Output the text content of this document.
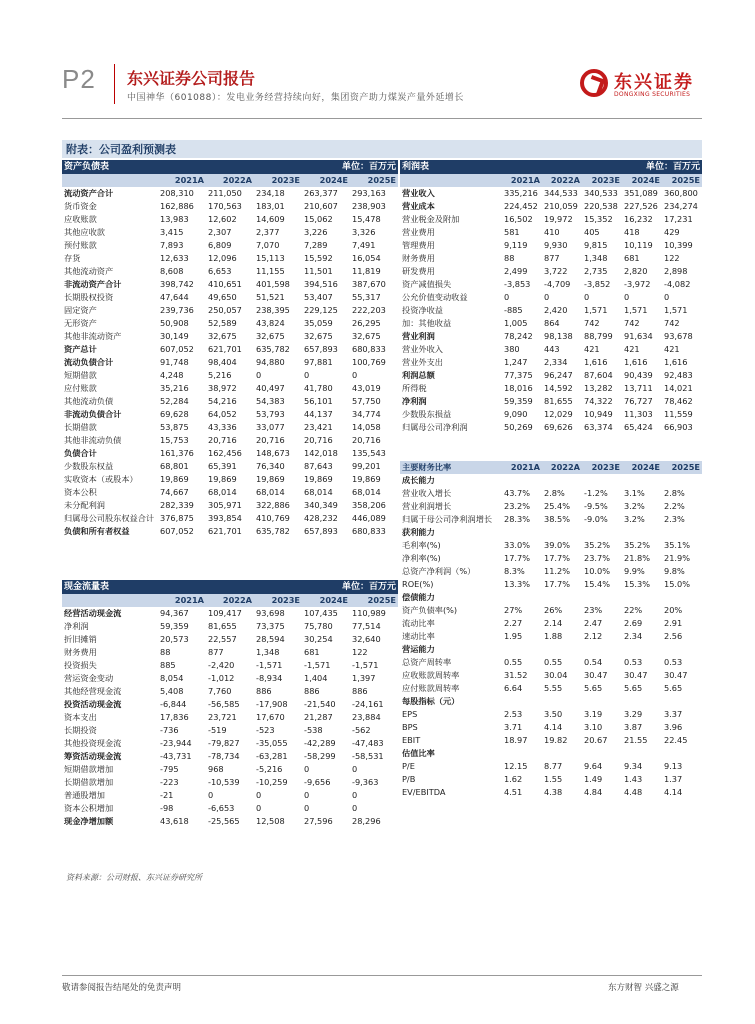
P2 东兴证券公司报告
中国神华（601088）：发电业务经营持续向好，集团资产助力煤炭产量外延增长
东兴证券
DONGXING SECURITIES
附表：公司盈利预测表
资产负债表				单位：百万元	
	2021A	2022A	2023E	2024E	2025E
流动资产合计	208,310	211,050	234,18	263,377	293,163
货币资金	162,886	170,563	183,01	210,607	238,903
应收账款	13,983	12,602	14,609	15,062	15,478
其他应收款	3,415	2,307	2,377	3,226	3,326
预付账款	7,893	6,809	7,070	7,289	7,491
存货	12,633	12,096	15,113	15,592	16,054
其他流动资产	8,608	6,653	11,155	11,501	11,819
非流动资产合计	398,742	410,651	401,598	394,516	387,670
长期股权投资	47,644	49,650	51,521	53,407	55,317
固定资产	239,736	250,057	238,395	229,125	222,203
无形资产	50,908	52,589	43,824	35,059	26,295
其他非流动资产	30,149	32,675	32,675	32,675	32,675
资产总计	607,052	621,701	635,782	657,893	680,833
流动负债合计	91,748	98,404	94,880	97,881	100,769
短期借款	4,248	5,216	0	0	0
应付账款	35,216	38,972	40,497	41,780	43,019
其他流动负债	52,284	54,216	54,383	56,101	57,750
非流动负债合计	69,628	64,052	53,793	44,137	34,774
长期借款	53,875	43,336	33,077	23,421	14,058
其他非流动负债	15,753	20,716	20,716	20,716	20,716
负债合计	161,376	162,456	148,673	142,018	135,543
少数股东权益	68,801	65,391	76,340	87,643	99,201
实收资本（或股本）	19,869	19,869	19,869	19,869	19,869
资本公积	74,667	68,014	68,014	68,014	68,014
未分配利润	282,339	305,971	322,886	340,349	358,206
归属母公司股东权益合计	376,875	393,854	410,769	428,232	446,089
负债和所有者权益	607,052	621,701	635,782	657,893	680,833
利润表				单位：百万元	
	2021A	2022A	2023E	2024E	2025E
营业收入	335,216	344,533	340,533	351,089	360,800
营业成本	224,452	210,059	220,538	227,526	234,274
营业税金及附加	16,502	19,972	15,352	16,232	17,231
营业费用	581	410	405	418	429
管理费用	9,119	9,930	9,815	10,119	10,399
财务费用	88	877	1,348	681	122
研发费用	2,499	3,722	2,735	2,820	2,898
资产减值损失	-3,853	-4,709	-3,852	-3,972	-4,082
公允价值变动收益	0	0	0	0	0
投资净收益	-885	2,420	1,571	1,571	1,571
加：其他收益	1,005	864	742	742	742
营业利润	78,242	98,138	88,799	91,634	93,678
营业外收入	380	443	421	421	421
营业外支出	1,247	2,334	1,616	1,616	1,616
利润总额	77,375	96,247	87,604	90,439	92,483
所得税	18,016	14,592	13,282	13,711	14,021
净利润	59,359	81,655	74,322	76,727	78,462
少数股东损益	9,090	12,029	10,949	11,303	11,559
归属母公司净利润	50,269	69,626	63,374	65,424	66,903
主要财务比率	2021A	2022A	2023E	2024E	2025E
成长能力					
营业收入增长	43.7%	2.8%	-1.2%	3.1%	2.8%
营业利润增长	23.2%	25.4%	-9.5%	3.2%	2.2%
归属于母公司净利润增长	28.3%	38.5%	-9.0%	3.2%	2.3%
获利能力					
毛利率(%)	33.0%	39.0%	35.2%	35.2%	35.1%
净利率(%)	17.7%	17.7%	23.7%	21.8%	21.9%
总资产净利润（%）	8.3%	11.2%	10.0%	9.9%	9.8%
ROE(%)	13.3%	17.7%	15.4%	15.3%	15.0%
偿债能力					
资产负债率(%)	27%	26%	23%	22%	20%
流动比率	2.27	2.14	2.47	2.69	2.91
速动比率	1.95	1.88	2.12	2.34	2.56
营运能力					
总资产周转率	0.55	0.55	0.54	0.53	0.53
应收账款周转率	31.52	30.04	30.47	30.47	30.47
应付账款周转率	6.64	5.55	5.65	5.65	5.65
每股指标（元）					
EPS	2.53	3.50	3.19	3.29	3.37
BPS	3.71	4.14	3.10	3.87	3.96
EBIT	18.97	19.82	20.67	21.55	22.45
估值比率					
P/E	12.15	8.77	9.64	9.34	9.13
P/B	1.62	1.55	1.49	1.43	1.37
EV/EBITDA	4.51	4.38	4.84	4.48	4.14
现金流量表				单位：百万元	
	2021A	2022A	2023E	2024E	2025E
经营活动现金流	94,367	109,417	93,698	107,435	110,989
净利润	59,359	81,655	73,375	75,780	77,514
折旧摊销	20,573	22,557	28,594	30,254	32,640
财务费用	88	877	1,348	681	122
投资损失	885	-2,420	-1,571	-1,571	-1,571
营运资金变动	8,054	-1,012	-8,934	1,404	1,397
其他经营现金流	5,408	7,760	886	886	886
投资活动现金流	-6,844	-56,585	-17,908	-21,540	-24,161
资本支出	17,836	23,721	17,670	21,287	23,884
长期投资	-736	-519	-523	-538	-562
其他投资现金流	-23,944	-79,827	-35,055	-42,289	-47,483
筹资活动现金流	-43,731	-78,734	-63,281	-58,299	-58,531
短期借款增加	-795	968	-5,216	0	0
长期借款增加	-223	-10,539	-10,259	-9,656	-9,363
普通股增加	-21	0	0	0	0
资本公积增加	-98	-6,653	0	0	0
现金净增加额	43,618	-25,565	12,508	27,596	28,296
资料来源：公司财报、东兴证券研究所
敬请参阅报告结尾处的免责声明	东方财智 兴盛之源
